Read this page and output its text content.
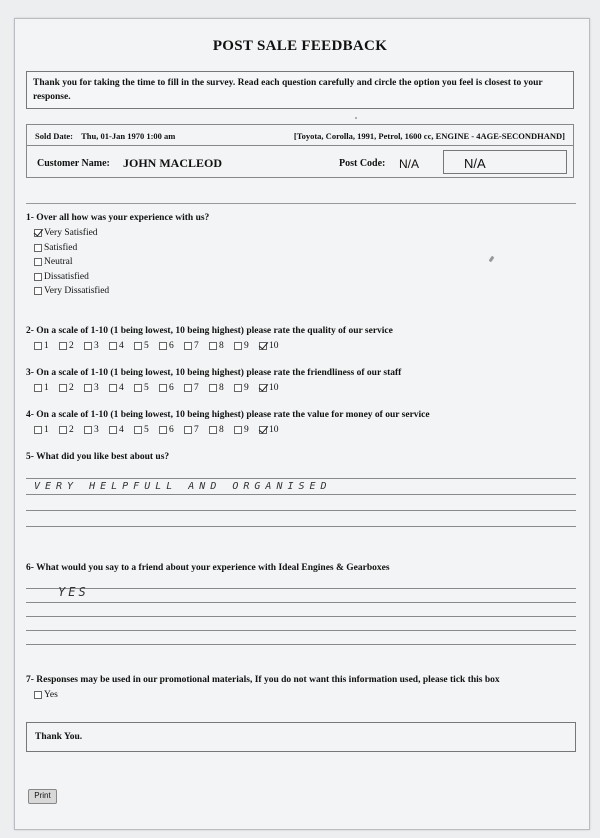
POST SALE FEEDBACK
Thank you for taking the time to fill in the survey. Read each question carefully and circle the option you feel is closest to your response.
Sold Date: Thu, 01-Jan 1970 1:00 am	[Toyota, Corolla, 1991, Petrol, 1600 cc, ENGINE - 4AGE-SECONDHAND]
Customer Name: JOHN MACLEOD	Post Code: N/A	N/A
1- Over all how was your experience with us?
Very Satisfied
Satisfied
Neutral
Dissatisfied
Very Dissatisfied
2- On a scale of 1-10 (1 being lowest, 10 being highest) please rate the quality of our service
1 2 3 4 5 6 7 8 9 10
3- On a scale of 1-10 (1 being lowest, 10 being highest) please rate the friendliness of our staff
1 2 3 4 5 6 7 8 9 10
4- On a scale of 1-10 (1 being lowest, 10 being highest) please rate the value for money of our service
1 2 3 4 5 6 7 8 9 10
5- What did you like best about us?
VERY HELPFULL AND ORGANISED
6- What would you say to a friend about your experience with Ideal Engines & Gearboxes
YES
7- Responses may be used in our promotional materials, If you do not want this information used, please tick this box
Yes
Thank You.
Print
